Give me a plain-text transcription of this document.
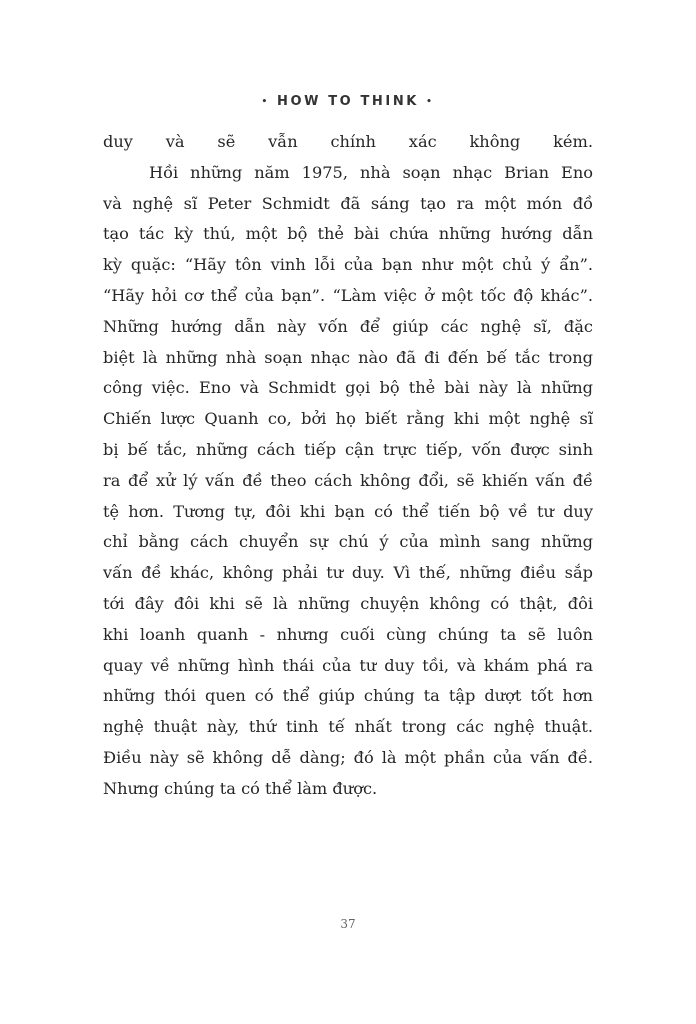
• HOW TO THINK •
duy và sẽ vẫn chính xác không kém.
Hồi những năm 1975, nhà soạn nhạc Brian Eno
và nghệ sĩ Peter Schmidt đã sáng tạo ra một món đồ
tạo tác kỳ thú, một bộ thẻ bài chứa những hướng dẫn
kỳ quặc: “Hãy tôn vinh lỗi của bạn như một chủ ý ẩn”.
“Hãy hỏi cơ thể của bạn”. “Làm việc ở một tốc độ khác”.
Những hướng dẫn này vốn để giúp các nghệ sĩ, đặc
biệt là những nhà soạn nhạc nào đã đi đến bế tắc trong
công việc. Eno và Schmidt gọi bộ thẻ bài này là những
Chiến lược Quanh co, bởi họ biết rằng khi một nghệ sĩ
bị bế tắc, những cách tiếp cận trực tiếp, vốn được sinh
ra để xử lý vấn đề theo cách không đổi, sẽ khiến vấn đề
tệ hơn. Tương tự, đôi khi bạn có thể tiến bộ về tư duy
chỉ bằng cách chuyển sự chú ý của mình sang những
vấn đề khác, không phải tư duy. Vì thế, những điều sắp
tới đây đôi khi sẽ là những chuyện không có thật, đôi
khi loanh quanh - nhưng cuối cùng chúng ta sẽ luôn
quay về những hình thái của tư duy tồi, và khám phá ra
những thói quen có thể giúp chúng ta tập dượt tốt hơn
nghệ thuật này, thứ tinh tế nhất trong các nghệ thuật.
Điều này sẽ không dễ dàng; đó là một phần của vấn đề.
Nhưng chúng ta có thể làm được.
37
